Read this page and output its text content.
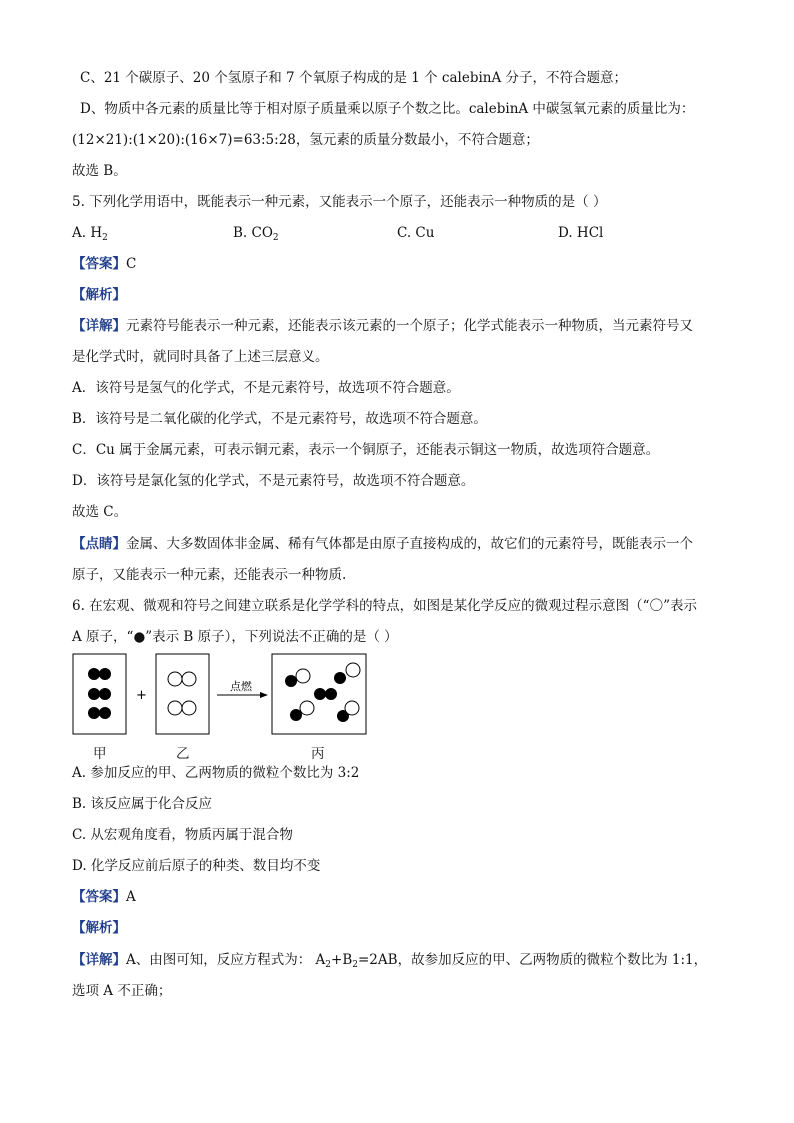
C、21 个碳原子、20 个氢原子和 7 个氧原子构成的是 1 个 calebinA 分子，不符合题意；
D、物质中各元素的质量比等于相对原子质量乘以原子个数之比。calebinA 中碳氢氧元素的质量比为：
(12×21):(1×20):(16×7)=63:5:28，氢元素的质量分数最小，不符合题意；
故选 B。
5. 下列化学用语中，既能表示一种元素，又能表示一个原子，还能表示一种物质的是（ ）
A. $H_2$	B. $CO_2$	C. Cu	D. HCl
【答案】C
【解析】
【详解】元素符号能表示一种元素，还能表示该元素的一个原子；化学式能表示一种物质，当元素符号又
是化学式时，就同时具备了上述三层意义。
A．该符号是氢气的化学式，不是元素符号，故选项不符合题意。
B．该符号是二氧化碳的化学式，不是元素符号，故选项不符合题意。
C．Cu 属于金属元素，可表示铜元素，表示一个铜原子，还能表示铜这一物质，故选项符合题意。
D．该符号是氯化氢的化学式，不是元素符号，故选项不符合题意。
故选 C。
【点睛】金属、大多数固体非金属、稀有气体都是由原子直接构成的，故它们的元素符号，既能表示一个
原子，又能表示一种元素，还能表示一种物质.
6. 在宏观、微观和符号之间建立联系是化学学科的特点，如图是某化学反应的微观过程示意图（“〇”表示
A 原子，“●”表示 B 原子），下列说法不正确的是（ ）
+
点燃
甲	乙	丙
A. 参加反应的甲、乙两物质的微粒个数比为 3:2
B. 该反应属于化合反应
C. 从宏观角度看，物质丙属于混合物
D. 化学反应前后原子的种类、数目均不变
【答案】A
【解析】
【详解】A、由图可知，反应方程式为： $A_2+B_2=2AB$，故参加反应的甲、乙两物质的微粒个数比为 1:1，
选项 A 不正确；
